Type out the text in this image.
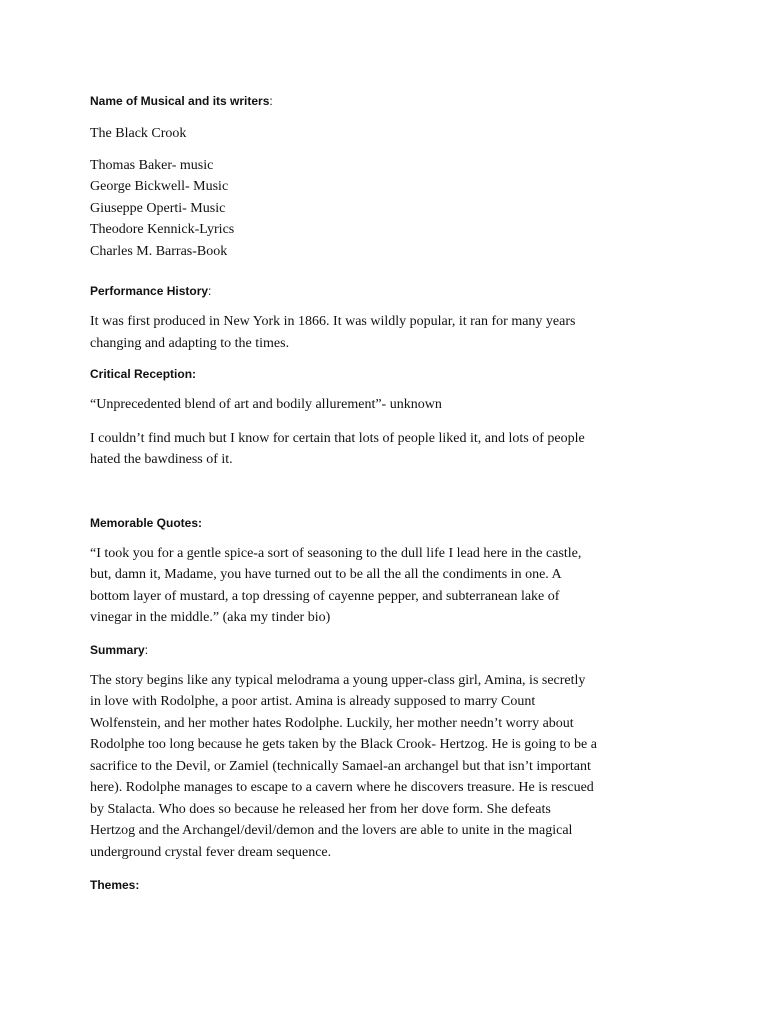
Name of Musical and its writers:

The Black Crook

Thomas Baker- music
George Bickwell- Music
Giuseppe Operti- Music
Theodore Kennick-Lyrics
Charles M. Barras-Book

Performance History:

It was first produced in New York in 1866. It was wildly popular, it ran for many years
changing and adapting to the times.

Critical Reception:

“Unprecedented blend of art and bodily allurement”- unknown

I couldn’t find much but I know for certain that lots of people liked it, and lots of people
hated the bawdiness of it.

Memorable Quotes:

“I took you for a gentle spice-a sort of seasoning to the dull life I lead here in the castle,
but, damn it, Madame, you have turned out to be all the all the condiments in one. A
bottom layer of mustard, a top dressing of cayenne pepper, and subterranean lake of
vinegar in the middle.” (aka my tinder bio)

Summary:

The story begins like any typical melodrama a young upper-class girl, Amina, is secretly
in love with Rodolphe, a poor artist. Amina is already supposed to marry Count
Wolfenstein, and her mother hates Rodolphe. Luckily, her mother needn’t worry about
Rodolphe too long because he gets taken by the Black Crook- Hertzog. He is going to be a
sacrifice to the Devil, or Zamiel (technically Samael-an archangel but that isn’t important
here). Rodolphe manages to escape to a cavern where he discovers treasure. He is rescued
by Stalacta. Who does so because he released her from her dove form. She defeats
Hertzog and the Archangel/devil/demon and the lovers are able to unite in the magical
underground crystal fever dream sequence.

Themes:
